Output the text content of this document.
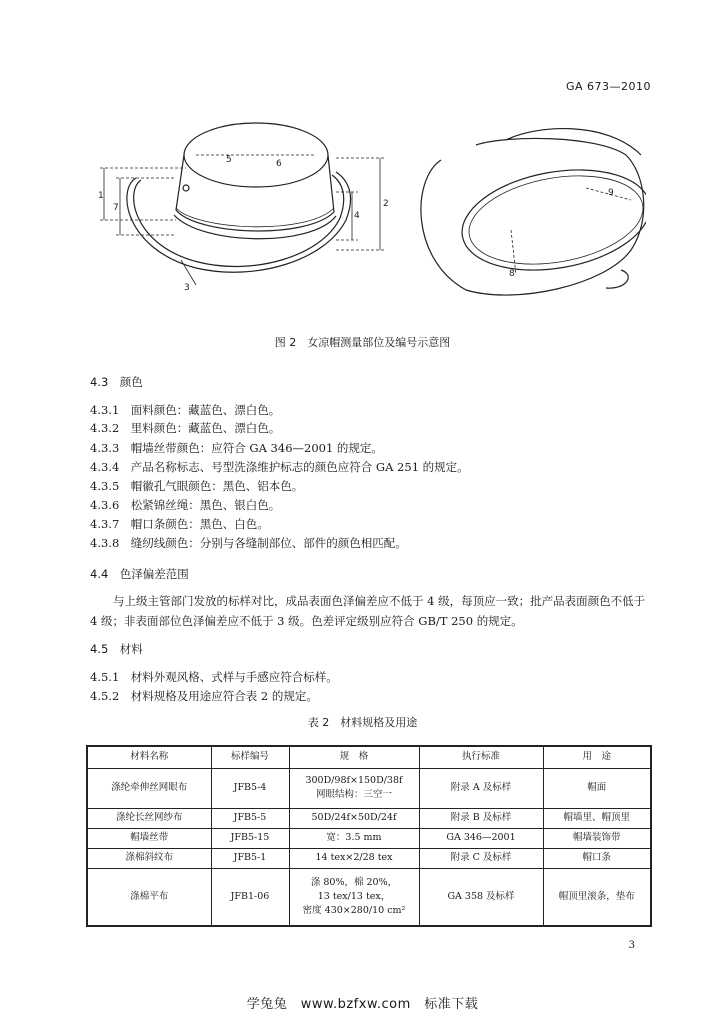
GA 673—2010
1
2
3
4
5	6
7
8
9
图 2　女凉帽测量部位及编号示意图
4.3　颜色
4.3.1　面料颜色：藏蓝色、漂白色。
4.3.2　里料颜色：藏蓝色、漂白色。
4.3.3　帽墙丝带颜色：应符合 GA 346—2001 的规定。
4.3.4　产品名称标志、号型洗涤维护标志的颜色应符合 GA 251 的规定。
4.3.5　帽徽孔气眼颜色：黑色、铝本色。
4.3.6　松紧锦丝绳：黑色、银白色。
4.3.7　帽口条颜色：黑色、白色。
4.3.8　缝纫线颜色：分别与各缝制部位、部件的颜色相匹配。
4.4　色泽偏差范围
与上级主管部门发放的标样对比，成品表面色泽偏差应不低于 4 级，每顶应一致；批产品表面颜色不低于 4 级；非表面部位色泽偏差应不低于 3 级。色差评定级别应符合 GB/T 250 的规定。
4.5　材料
4.5.1　材料外观风格、式样与手感应符合标样。
4.5.2　材料规格及用途应符合表 2 的规定。
表 2　材料规格及用途
材料名称	标样编号	规　格	执行标准	用　途
涤纶牵伸丝网眼布	JFB5-4	300D/98f×150D/38f
网眼结构：三空一	附录 A 及标样	帽面
涤纶长丝网纱布	JFB5-5	50D/24f×50D/24f	附录 B 及标样	帽墙里、帽顶里
帽墙丝带	JFB5-15	宽：3.5 mm	GA 346—2001	帽墙装饰带
涤棉斜纹布	JFB5-1	14 tex×2/28 tex	附录 C 及标样	帽口条
涤棉平布	JFB1-06	涤 80%，棉 20%，
13 tex/13 tex，
密度 430×280/10 cm²	GA 358 及标样	帽顶里滚条，垫布
3
学兔兔　www.bzfxw.com　标准下载
